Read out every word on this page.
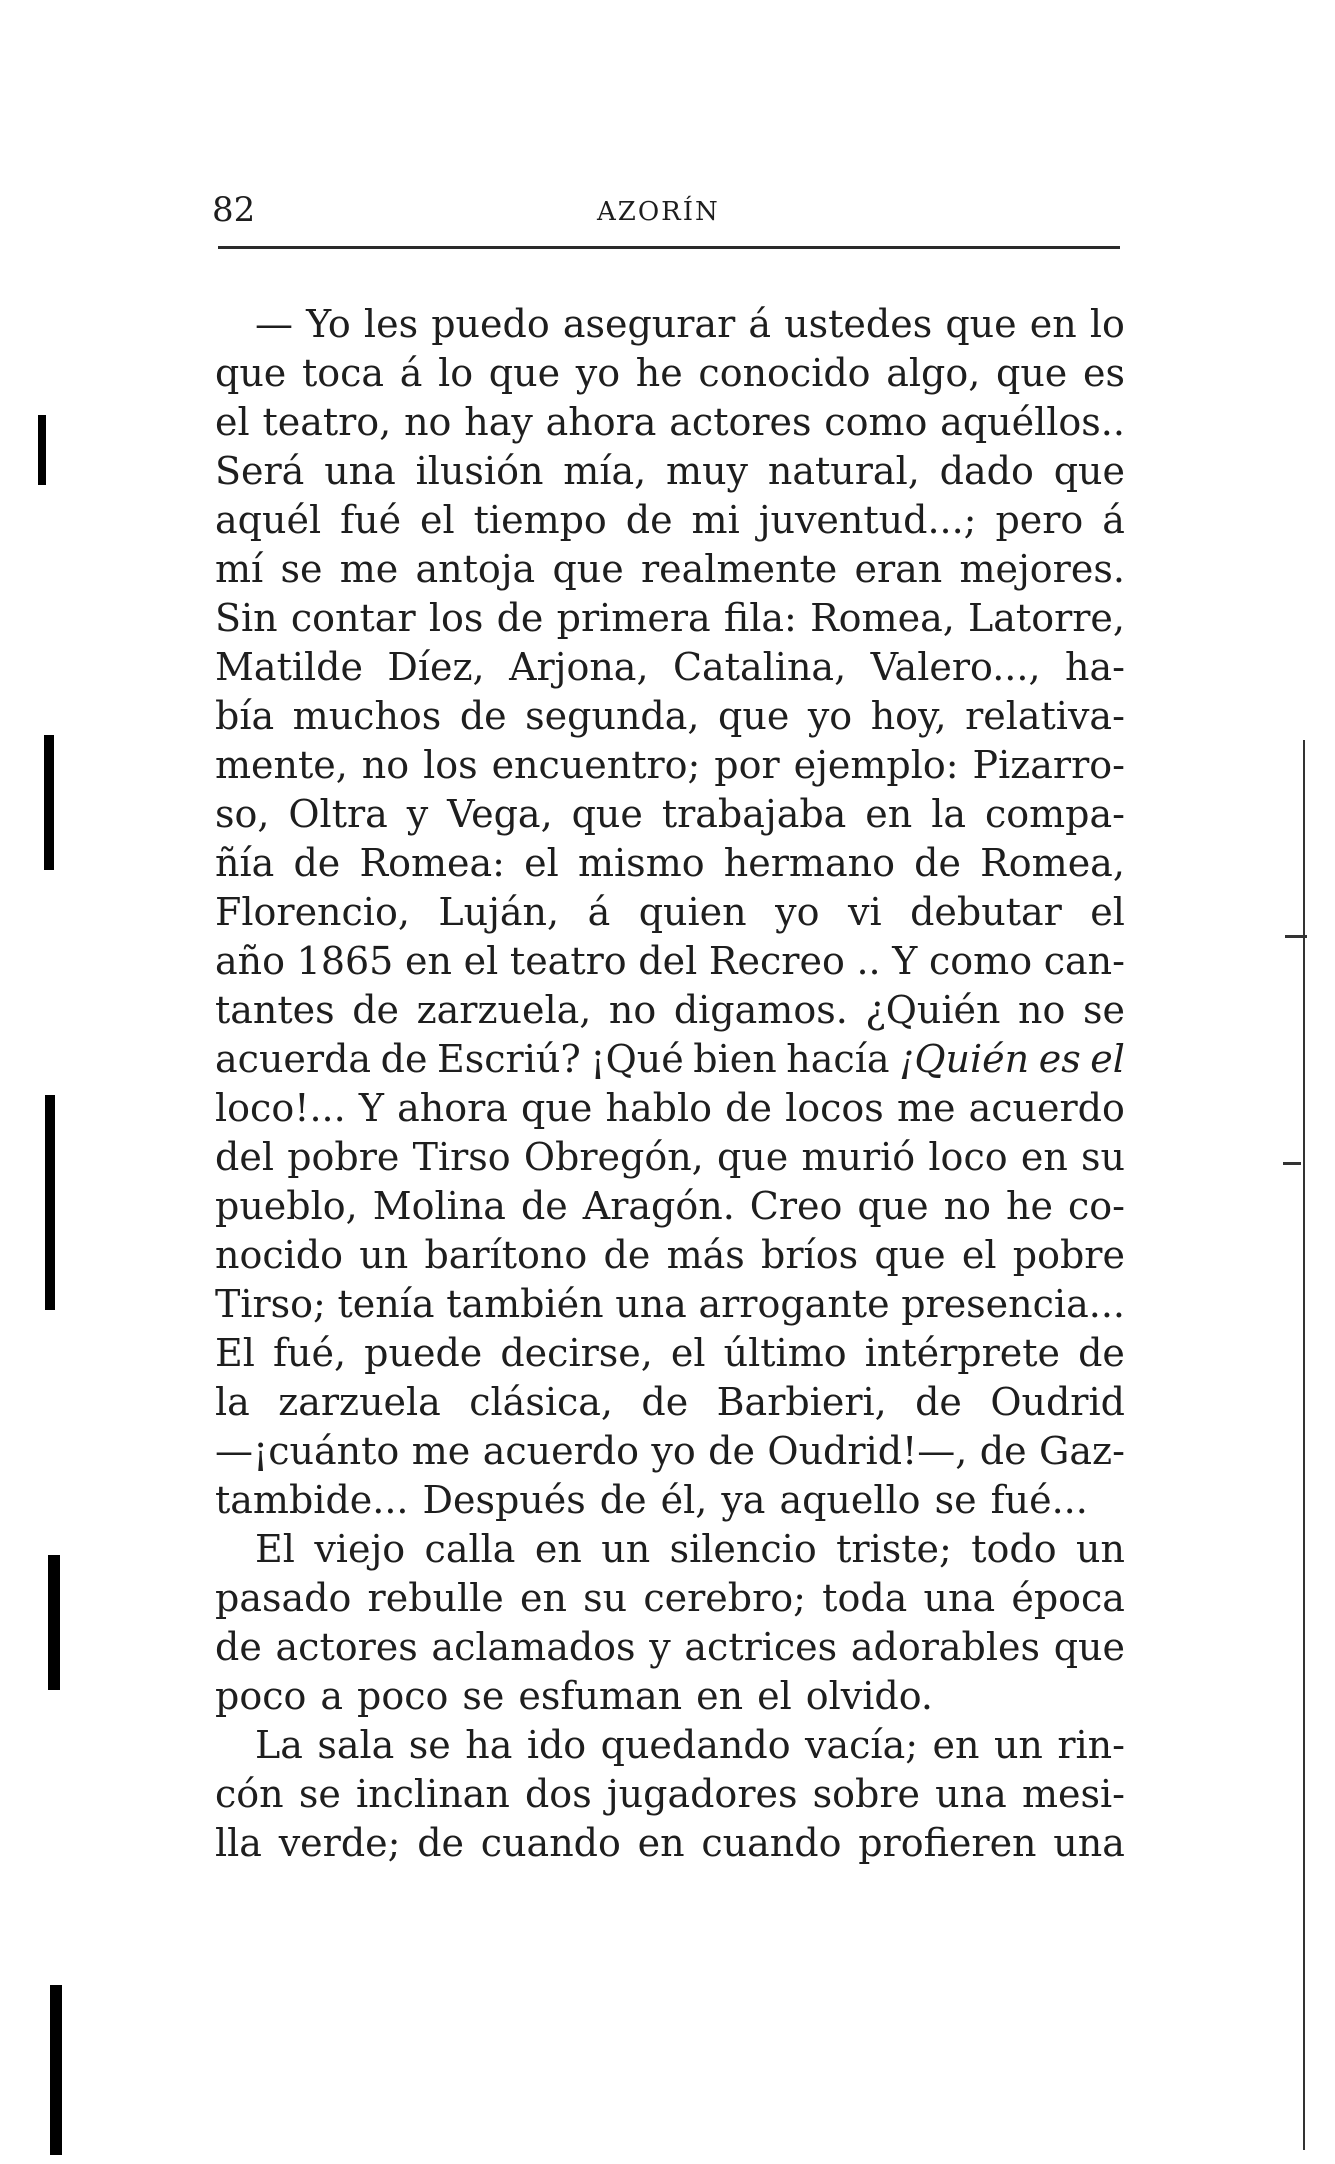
82	AZORÍN
— Yo les puedo asegurar á ustedes que en lo
que toca á lo que yo he conocido algo, que es
el teatro, no hay ahora actores como aquéllos..
Será una ilusión mía, muy natural, dado que
aquél fué el tiempo de mi juventud...; pero á
mí se me antoja que realmente eran mejores.
Sin contar los de primera fila: Romea, Latorre,
Matilde Díez, Arjona, Catalina, Valero..., ha-
bía muchos de segunda, que yo hoy, relativa-
mente, no los encuentro; por ejemplo: Pizarro-
so, Oltra y Vega, que trabajaba en la compa-
ñía de Romea: el mismo hermano de Romea,
Florencio, Luján, á quien yo vi debutar el
año 1865 en el teatro del Recreo .. Y como can-
tantes de zarzuela, no digamos. ¿Quién no se
acuerda de Escriú? ¡Qué bien hacía ¡Quién es el
loco!... Y ahora que hablo de locos me acuerdo
del pobre Tirso Obregón, que murió loco en su
pueblo, Molina de Aragón. Creo que no he co-
nocido un barítono de más bríos que el pobre
Tirso; tenía también una arrogante presencia...
El fué, puede decirse, el último intérprete de
la zarzuela clásica, de Barbieri, de Oudrid
—¡cuánto me acuerdo yo de Oudrid!—, de Gaz-
tambide... Después de él, ya aquello se fué...
El viejo calla en un silencio triste; todo un
pasado rebulle en su cerebro; toda una época
de actores aclamados y actrices adorables que
poco a poco se esfuman en el olvido.
La sala se ha ido quedando vacía; en un rin-
cón se inclinan dos jugadores sobre una mesi-
lla verde; de cuando en cuando profieren una
